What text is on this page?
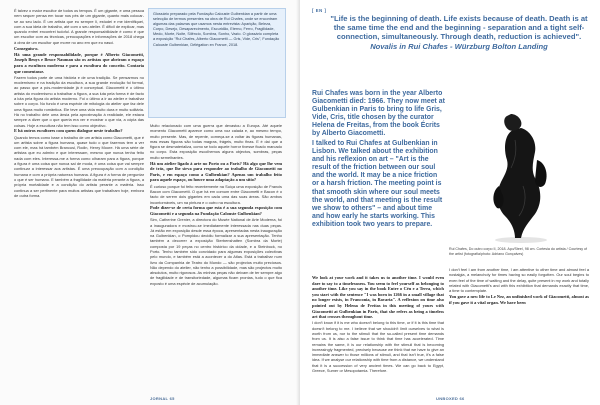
É talvez o maior escultor de todos os tempos. É um gigante, e uma pessoa nem sequer pensa em tocar nos pés de um gigante, quanto mais colocar-se ao seu lado. É um artista que eu sempre li, estudei e me identifiquei, com a sua ideia de trabalho, até com o seu atelier. É difícil de explicar, mas quando entrei encontrei tudoful. A grande responsabilidade é como é que um escultor com as técnicas, preocupações e informações de 2018 chega à obra de um escultor que morre no ano em que eu nasci.

Conseguiu-o.

Há uma grande responsabilidade, porque é Alberto Giacometti, Joseph Beuys e Bruce Nauman são os artistas que abriram o espaço para a escultura moderna e para a escultura do conceito. Contaria que comentasse.

Fazem todos parte de uma história e de uma tradição. Se pensarmos no modernismo e na tradição da escultura, a sua grande evolução foi formal, ao passo que a pós-modernidade já é conceptual. Giacometti é o último artista do modernismo a trabalhar a figura, a sua luta pela forma é de facto a luta pela figura do artista moderno. Foi o último a ir ao atelier e trabalhar sobre o corpo. No fundo é uma espécie de mitologia do atelier que faz dele uma figura muito romântica. Ele teve uma vida muito dura e muito solitária. Há no trabalho dele uma ânsia pela aproximação à realidade, ele estava sempre a dizer que o que queria era ver e mostrar o que via, a cópia das coisas. Hoje a escultura não tem isso como objectivo.

E há outros escultores com quem dialogue neste trabalho?

Quando temos como base o trabalho de um artista como Giacometti, que é um artista sobre a figura humana, quase tudo o que fazemos tem a ver com ele, mas há também Brancusi, Rodin, Henry Moore. Há uma série de artistas que eu admiro e que interessam, mesmo que nunca tenha feito nada com eles. Interessa-me a forma como olharam para a figura, porque a figura é uma coisa que nunca sai de moda, é uma coisa que vai sempre continuar a interessar aos artistas. É uma preocupação com a condição humana e com a própria natureza humana. A figura é a forma de perguntar o que é ser humano. E também a fragilidade da matéria perante a figura, a própria mortalidade e a condição do artista perante a matéria. Isso continua a ser pertinente para muitos artistas que trabalham hoje, embora de outra forma.

Glossário preparado pela Fundação Calouste Gulbenkian a partir de uma selecção de termos presentes na obra de Rui Chafes, onde se encontram algumas das palavras que usamos nesta entrevista: Aparição, Beleza, Corpo, Desejo, Desaparecimento, Escuridão, Eterno, Ferro, Fragilidade, Medo, Morte, Noite, Silêncio, Sombra, Sonho, Vazio. O glossário completa a exposição "Rui Chafes, Alberto Giacometti — Gris, Vide, Cris", Fundação Calouste Gulbenkian, Délégation en France, 2018.

Muito relacionado com uma guerra que devastou a Europa. Até aquele momento Giacometti aparece como uma voz calada e, ao mesmo tempo, muito presente. Mas, de repente, começa-se a voltar às figuras humanas, mas essas figuras são todas magras, frágeis, muito finas. E é daí que a figura se desmaterializa, como se todo aquele horror tivesse ficado marcado no corpo. Esta exposição escolhemos alguns objectos, sombras, peças muito semelhantes.

Há um atelier ligado à arte no Porto ou a Paris? Há algo que lhe vem de trás, que lhe sirva para responder ao trabalho de Giacometti no Paris, e em espaço como a Gulbenkian? Apenas um trabalho feito para aquele espaço, ou houve uma adaptação a um sítio?

É curioso porque foi feito recentemente na Suíça uma exposição de Francis Bacon com Giacometti. O que há em comum entre Giacometti e Bacon é o facto de serem dois gigantes em cada uma das suas áreas. São ambos incontornáveis, um na pintura e o outro na escultura.

Pode dizer-se de certa forma que esta é a sua segunda exposição com Giacometti e a segunda na Fundação Calouste Gulbenkian?

Sim, Catherine Grenier, a directora do Musée National de Arte Moderna, foi a inauguradora e mostrou-se imediatamente interessada nas duas peças. Já estão em exposição desde essa época, apresentadas nesta inauguração na Gulbenkian, o Pompidou decidiu formalizar a sua apresentação. Tenho também a decorrer a exposição Sterbenshatten (Sombra da Morte) composta por 19 peças no centro histórico da cidade, e a Steinbock, no Porto. Tenho também sido convidado para algumas exposições colectivas pelo mundo, e também está a acontecer a do Atlas. Está a trabalhar num livro da Companhia de Teatro do Mundo — são projectos muito preciosos. Não dependo do atelier, não tenho a possibilidade, mas são projectos muito absolutos, muito rigorosos. As minhas peças não deixam de ter sempre algo de fragilidade e de transitoriedade, algumas ficam prontas, tudo o que fica exposto é uma espécie de acumulação.

JORNAL 65
[ EN ]
"Life is the beginning of death. Life exists because of death. Death is at the same time the end and the beginning - separation and a tight self-connection, simultaneously. Through death, reduction is achieved". Novalis in Rui Chafes - Würzburg Bolton Landing

Rui Chafes was born in the year Alberto Giacometti died: 1966. They now meet at Gulbenkian in Paris to bring to life Gris, Vide, Cris, title chosen by the curator Helena de Freitas, from the book Écrits by Alberto Giacometti.

I talked to Rui Chafes at Gulbenkian in Lisbon. We talked about the exhibition and his reflexion on art – "Art is the result of the friction between our soul and the world. It may be a nice friction or a harsh friction. The meeting point is that smooth skin where our soul meets the world, and that meeting is the result we show to others" – and about time and how early he starts working. This exhibition took two years to prepare.

Rui Chafes, Do outro corpo II, 2018. Aço/Steel, 98 cm. Cortesia do artista / Courtesy of the artist (fotografia/photo: Adriano Gonçalves)

We look at your work and it takes us to another time. I would even dare to say to a timelessness. You seem to feel yourself as belonging to another time. Like you say in the book Entre o Céu e a Terra, which you start with the sentence "I was born in 1266 in a small village that no longer exists, in Franconia, in Bavaria". A reflexion on time also pointed out by Helena de Freitas in this meeting of yours with Giacometti at Gulbenkian in Paris, that she refers as being a timeless art that crosses throughout time.

I don't know if it is me who doesn't belong to this time, or if it is this time that doesn't belong to me. I believe that we shouldn't limit ourselves to what is worth from us, nor to the stimuli that the so-called present time demands from us. It is also a false issue to think that time has accelerated. Time remains the same, it is our relationship with the stimuli that is becoming increasingly fragmented, precisely because we think that we have to give an immediate answer to those millions of stimuli, and that isn't true, it's a false idea. If we analyse our relationship with time from a distance, we understand that it is a succession of very ancient times. We can go back to Egypt, Greece, Sumer or Mesopotamia. Therefore.

I don't feel I am from another time, I am attentive to other time and almost feel a nostalgia, a melancholy for times having so easily forgotten. Our soul begins to even feel of the time of waiting and the delay, quite present in my work and totally related with Giacometti's and with this exhibition that demands exactly that time, a time to contemplate.

You gave a new life to Le Nez, an unfinished work of Giacometti, almost as if you gave it a vital organ. We have been

UNBOXED 66
